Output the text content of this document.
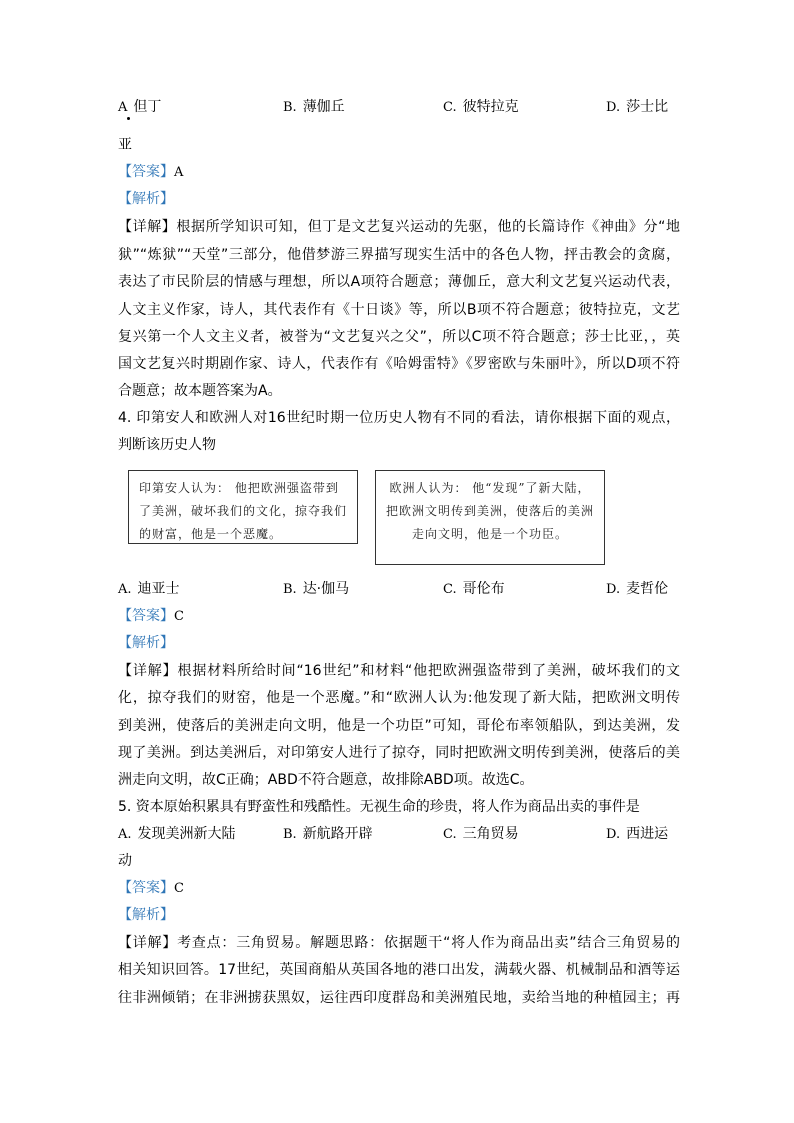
A 但丁	B. 薄伽丘	C. 彼特拉克	D. 莎士比
亚
【答案】A
【解析】
【详解】根据所学知识可知，但丁是文艺复兴运动的先驱，他的长篇诗作《神曲》分“地
狱”“炼狱”“天堂”三部分，他借梦游三界描写现实生活中的各色人物，抨击教会的贪腐，
表达了市民阶层的情感与理想，所以A项符合题意；薄伽丘，意大利文艺复兴运动代表，
人文主义作家，诗人，其代表作有《十日谈》等，所以B项不符合题意；彼特拉克，文艺
复兴第一个人文主义者，被誉为“文艺复兴之父”，所以C项不符合题意；莎士比亚，，英
国文艺复兴时期剧作家、诗人，代表作有《哈姆雷特》《罗密欧与朱丽叶》，所以D项不符
合题意；故本题答案为A。
4. 印第安人和欧洲人对16世纪时期一位历史人物有不同的看法，请你根据下面的观点，
判断该历史人物
印第安人认为： 他把欧洲强盗带到了美洲，破坏我们的文化，掠夺我们的财富，他是一个恶魔。
欧洲人认为： 他“发现”了新大陆，把欧洲文明传到美洲，使落后的美洲走向文明，他是一个功臣。
A. 迪亚士	B. 达·伽马	C. 哥伦布	D. 麦哲伦
【答案】C
【解析】
【详解】根据材料所给时间“16世纪”和材料“他把欧洲强盗带到了美洲，破坏我们的文
化，掠夺我们的财窑，他是一个恶魔。”和“欧洲人认为:他发现了新大陆，把欧洲文明传
到美洲，使落后的美洲走向文明，他是一个功臣”可知，哥伦布率领船队，到达美洲，发
现了美洲。到达美洲后，对印第安人进行了掠夺，同时把欧洲文明传到美洲，使落后的美
洲走向文明，故C正确；ABD不符合题意，故排除ABD项。故选C。
5. 资本原始积累具有野蛮性和残酷性。无视生命的珍贵，将人作为商品出卖的事件是
A. 发现美洲新大陆	B. 新航路开辟	C. 三角贸易	D. 西进运
动
【答案】C
【解析】
【详解】考查点：三角贸易。解题思路：依据题干“将人作为商品出卖”结合三角贸易的
相关知识回答。17世纪，英国商船从英国各地的港口出发，满载火器、机械制品和酒等运
往非洲倾销；在非洲掳获黑奴，运往西印度群岛和美洲殖民地，卖给当地的种植园主；再
